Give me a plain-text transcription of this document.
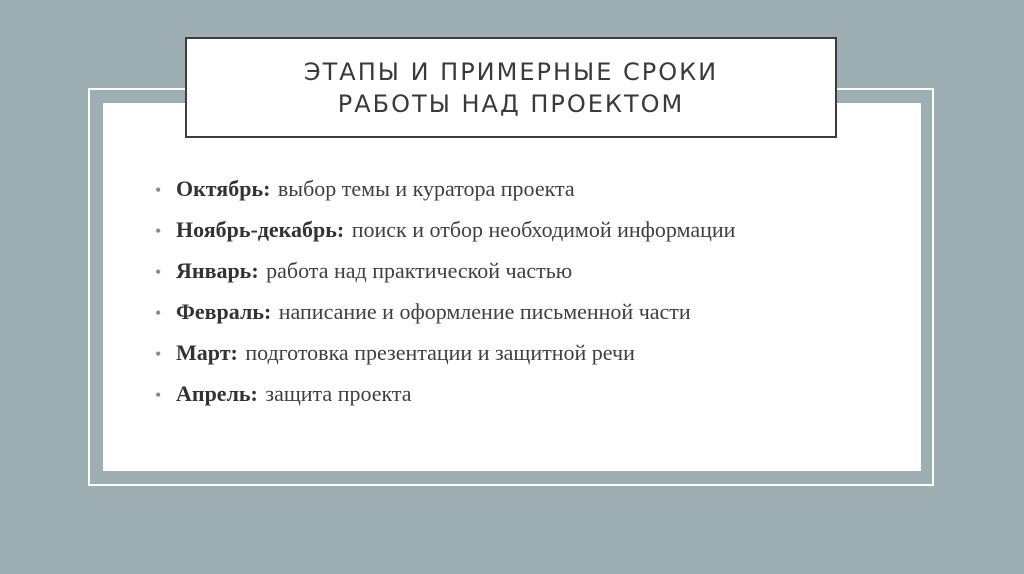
ЭТАПЫ И ПРИМЕРНЫЕ СРОКИ
РАБОТЫ НАД ПРОЕКТОМ
• Октябрь:
выбор темы и куратора проекта
• Ноябрь-декабрь:
поиск и отбор необходимой информации
• Январь:
работа над практической частью
• Февраль:
написание и оформление письменной части
• Март:
подготовка презентации и защитной речи
• Апрель:
защита проекта
